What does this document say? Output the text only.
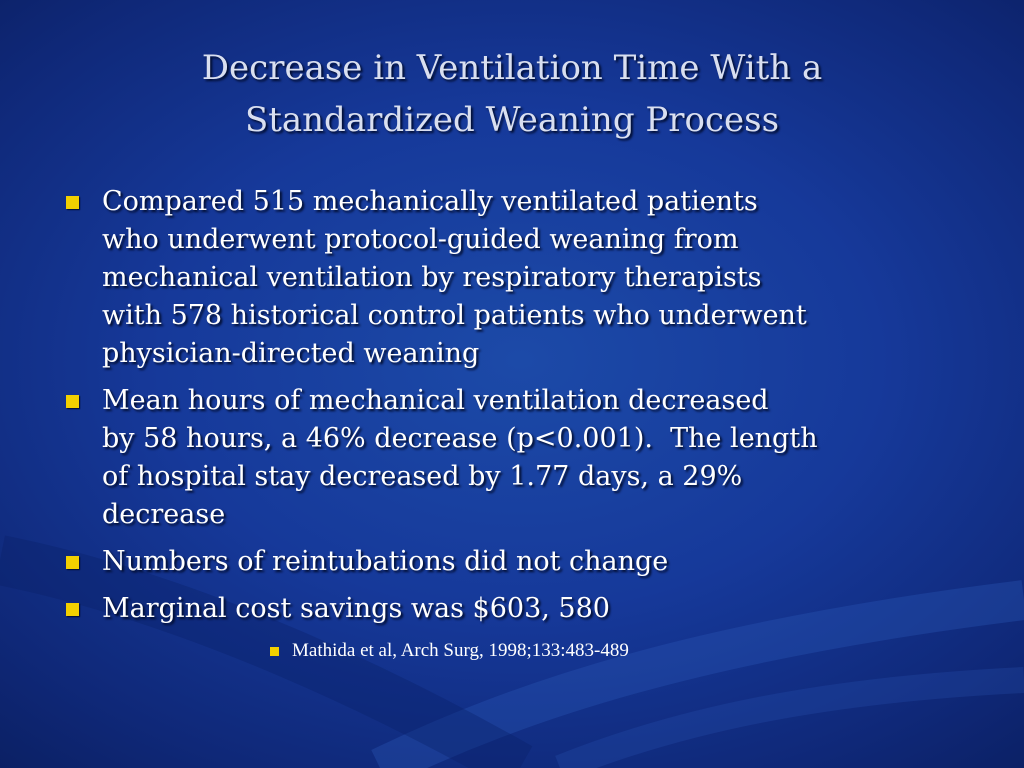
Decrease in Ventilation Time With a
Standardized Weaning Process
Compared 515 mechanically ventilated patients
who underwent protocol-guided weaning from
mechanical ventilation by respiratory therapists
with 578 historical control patients who underwent
physician-directed weaning
Mean hours of mechanical ventilation decreased
by 58 hours, a 46% decrease (p<0.001).  The length
of hospital stay decreased by 1.77 days, a 29%
decrease
Numbers of reintubations did not change
Marginal cost savings was $603, 580
Mathida et al, Arch Surg, 1998;133:483-489
